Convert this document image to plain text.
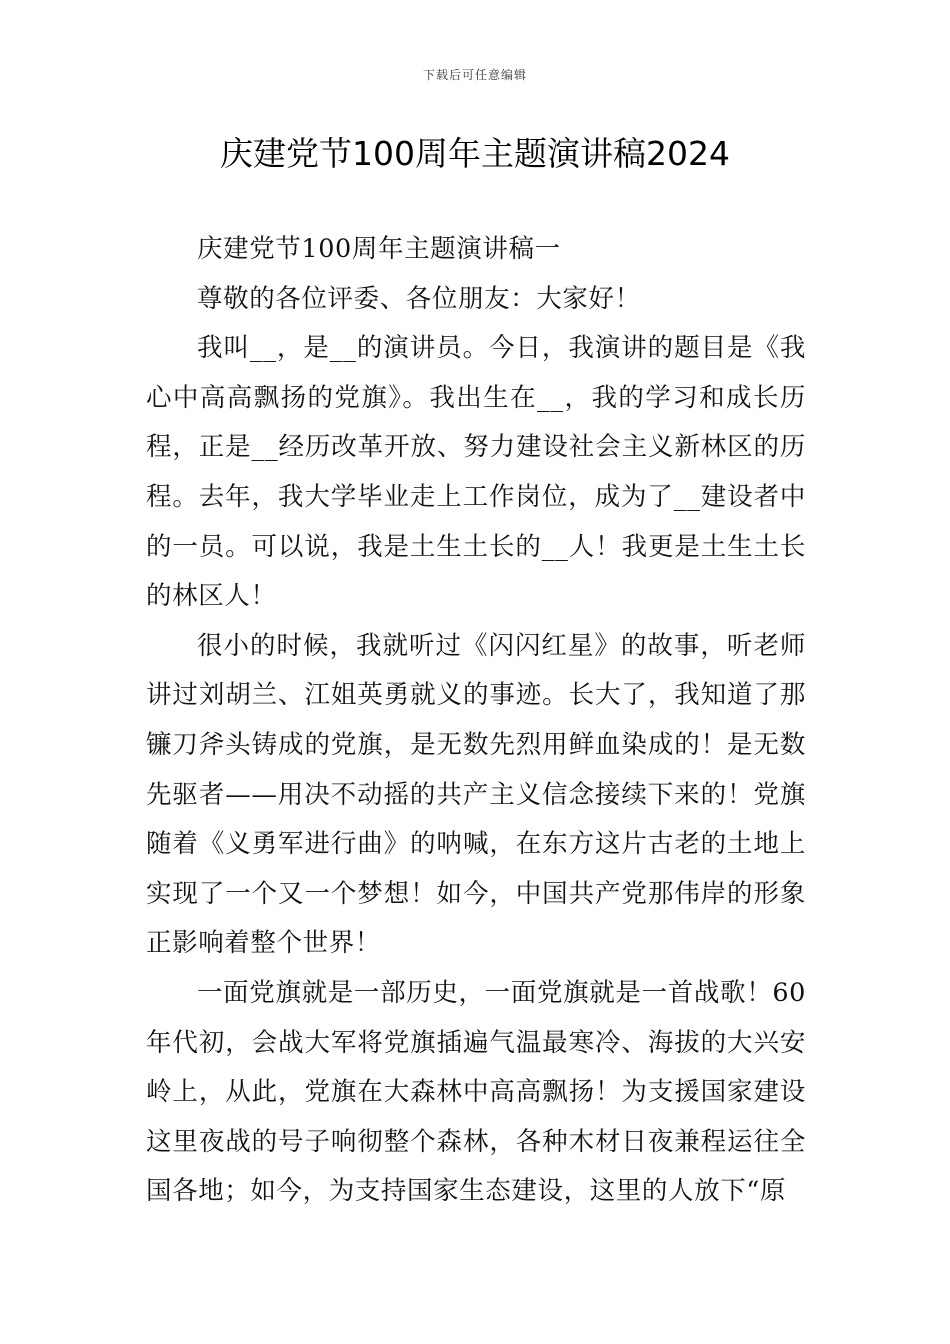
下载后可任意编辑
庆建党节100周年主题演讲稿2024

庆建党节100周年主题演讲稿一

尊敬的各位评委、各位朋友：大家好！

我叫__，是__的演讲员。今日，我演讲的题目是《我心中高高飘扬的党旗》。我出生在__，我的学习和成长历程，正是__经历改革开放、努力建设社会主义新林区的历程。去年，我大学毕业走上工作岗位，成为了__建设者中的一员。可以说，我是土生土长的__人！我更是土生土长的林区人！

很小的时候，我就听过《闪闪红星》的故事，听老师讲过刘胡兰、江姐英勇就义的事迹。长大了，我知道了那镰刀斧头铸成的党旗，是无数先烈用鲜血染成的！是无数先驱者——用决不动摇的共产主义信念接续下来的！党旗随着《义勇军进行曲》的呐喊，在东方这片古老的土地上实现了一个又一个梦想！如今，中国共产党那伟岸的形象正影响着整个世界！

一面党旗就是一部历史，一面党旗就是一首战歌！60年代初，会战大军将党旗插遍气温最寒冷、海拔的大兴安岭上，从此，党旗在大森林中高高飘扬！为支援国家建设这里夜战的号子响彻整个森林，各种木材日夜兼程运往全国各地；如今，为支持国家生态建设，这里的人放下“原
